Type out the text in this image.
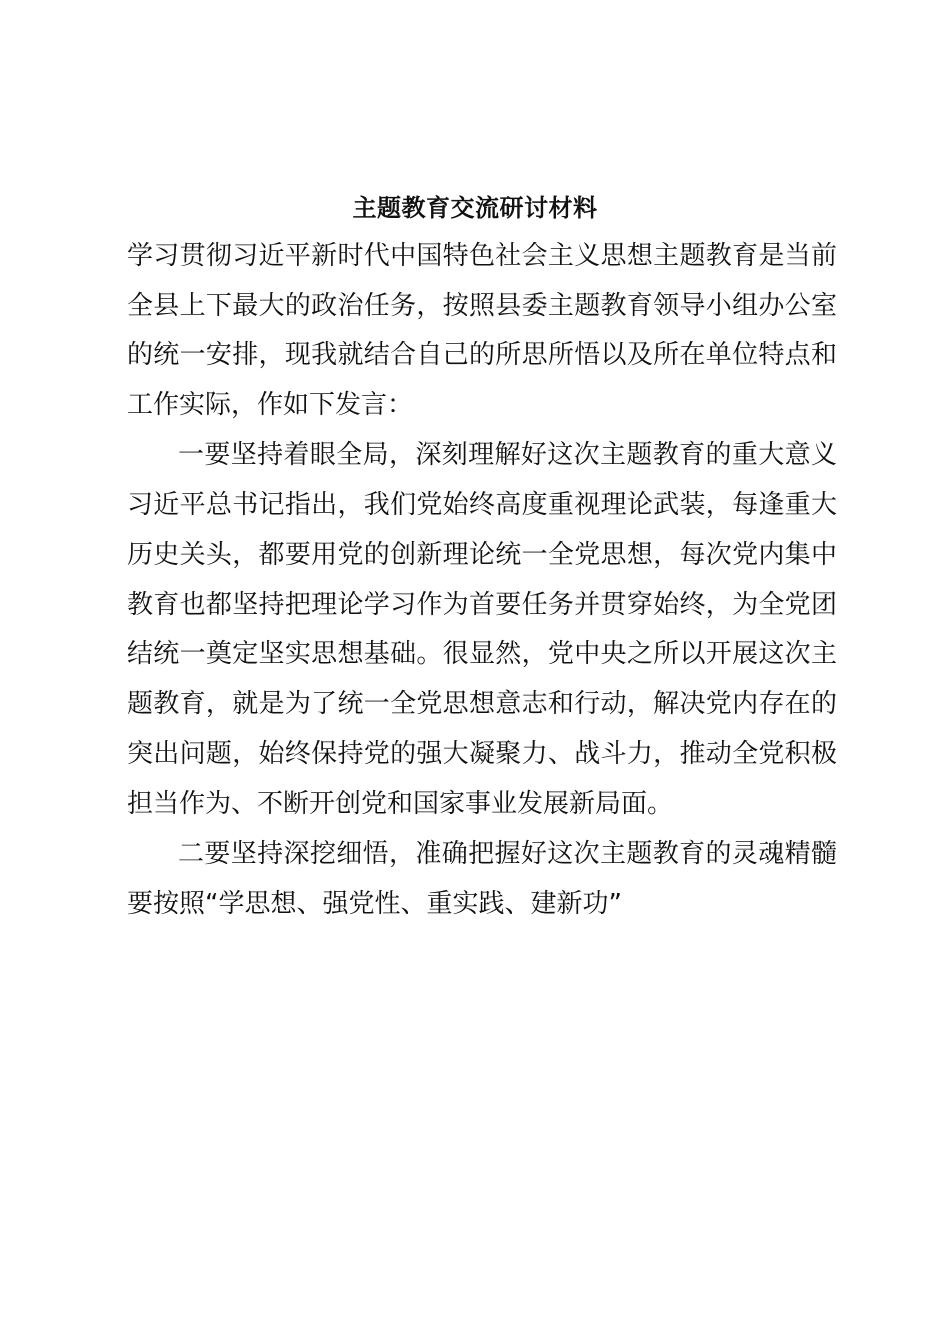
主题教育交流研讨材料
学习贯彻习近平新时代中国特色社会主义思想主题教育是当前
全县上下最大的政治任务，按照县委主题教育领导小组办公室
的统一安排，现我就结合自己的所思所悟以及所在单位特点和
工作实际，作如下发言：
一要坚持着眼全局，深刻理解好这次主题教育的重大意义
习近平总书记指出，我们党始终高度重视理论武装，每逢重大
历史关头，都要用党的创新理论统一全党思想，每次党内集中
教育也都坚持把理论学习作为首要任务并贯穿始终，为全党团
结统一奠定坚实思想基础。很显然，党中央之所以开展这次主
题教育，就是为了统一全党思想意志和行动，解决党内存在的
突出问题，始终保持党的强大凝聚力、战斗力，推动全党积极
担当作为、不断开创党和国家事业发展新局面。
二要坚持深挖细悟，准确把握好这次主题教育的灵魂精髓
要按照“学思想、强党性、重实践、建新功”
